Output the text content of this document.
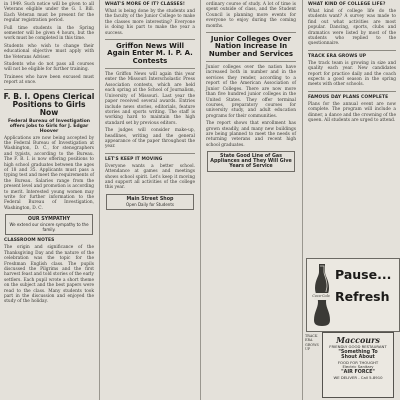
in 1949. Such notice will be given to all Veterans eligible under the G. I. Bill. Each Veteran must be present for the regular registration period.

Full time students in the Spring semester will be given 4 hours, but the work must be completed in this time.

Students who wish to change their educational objective must apply with the Veterans Adviser.

Students who do not pass all courses will not be eligible for further training.

Trainees who have been excused must report at once.

F. B. I. Opens Clerical Positions to Girls Now
Federal Bureau of Investigation offers jobs to Girls for J. Edgar Hoover

Applications are now being accepted by the Federal Bureau of Investigation at Washington, D. C., for stenographers and typists, according to the Bureau. The F. B. I. is now offering positions to high school graduates between the ages of 18 and 35. Applicants must pass a typing test and meet the requirements of the Bureau. Salaries range from the present level and promotion is according to merit. Interested young women may write for further information to the Federal Bureau of Investigation, Washington, D. C.

OUR SYMPATHY
We extend our sincere sympathy to the family.
CLASSROOM NOTES

The origin and significance of the Thanksgiving Day and the nature of the celebration was the topic for the Freshman English class. The pupils discussed the Pilgrims and the first harvest feast and told stories of the early settlers. Each pupil wrote a short theme on the subject and the best papers were read to the class. Many students took part in the discussion and enjoyed the study of the holiday.

WHAT'S MORE OF IT? CLASSES!

What is being done by the students and the faculty of the Junior College to make the classes more interesting? Everyone is doing his part to make the year a success.

Griffon News Will Again Enter M. I. P. A. Contests

The Griffon News will again this year enter the Missouri Interscholastic Press Association contests, which are held each spring at the School of Journalism, University of Missouri. Last year the paper received several awards. Entries include news stories, editorials, feature stories and sports writing. The staff is working hard to maintain the high standard set by previous editors.

The judges will consider make-up, headlines, writing and the general appearance of the paper throughout the year.

LET'S KEEP IT MOVING

Everyone wants a better school. Attendance at games and meetings shows school spirit. Let's keep it moving and support all activities of the college this year.

Main Street Shop
Open Daily for Students

ordinary course of study. A lot of time is spent outside of class, and the Student Council is planning more events for everyone to enjoy during the coming months.

Junior Colleges Over Nation Increase In Number and Services

Junior colleges over the nation have increased both in number and in the services they render, according to a report of the American Association of Junior Colleges. There are now more than five hundred junior colleges in the United States. They offer terminal courses, preparatory courses for university study, and adult education programs for their communities.

The report shows that enrollment has grown steadily, and many new buildings are being planned to meet the needs of returning veterans and recent high school graduates.

State Good Line of Gas Appliances and They Will Give Years of Service
WHAT KIND OF COLLEGE LIFE?

What kind of college life do the students want? A survey was made to find out what activities are most popular. Dancing, sports, clubs and dramatics were listed by most of the students who replied to the questionnaire.

TRACK ERA GROWS UP

The track team is growing in size and quality each year. New candidates report for practice daily and the coach expects a good season in the spring meets with other schools.

FAMOUS DAY PLANS COMPLETE

Plans for the annual event are now complete. The program will include a dinner, a dance and the crowning of the queen. All students are urged to attend.

Pause...
Refresh
Coca-Cola

TRACK ERA GROWS UP

Maccours
FRIENDLY GOOD RESTAURANT
"Something To
Shout About
FOOD FOR THOUGHT
Electric Sanitary
"AIR FORCE"
WE DELIVER - Call 5-8910
